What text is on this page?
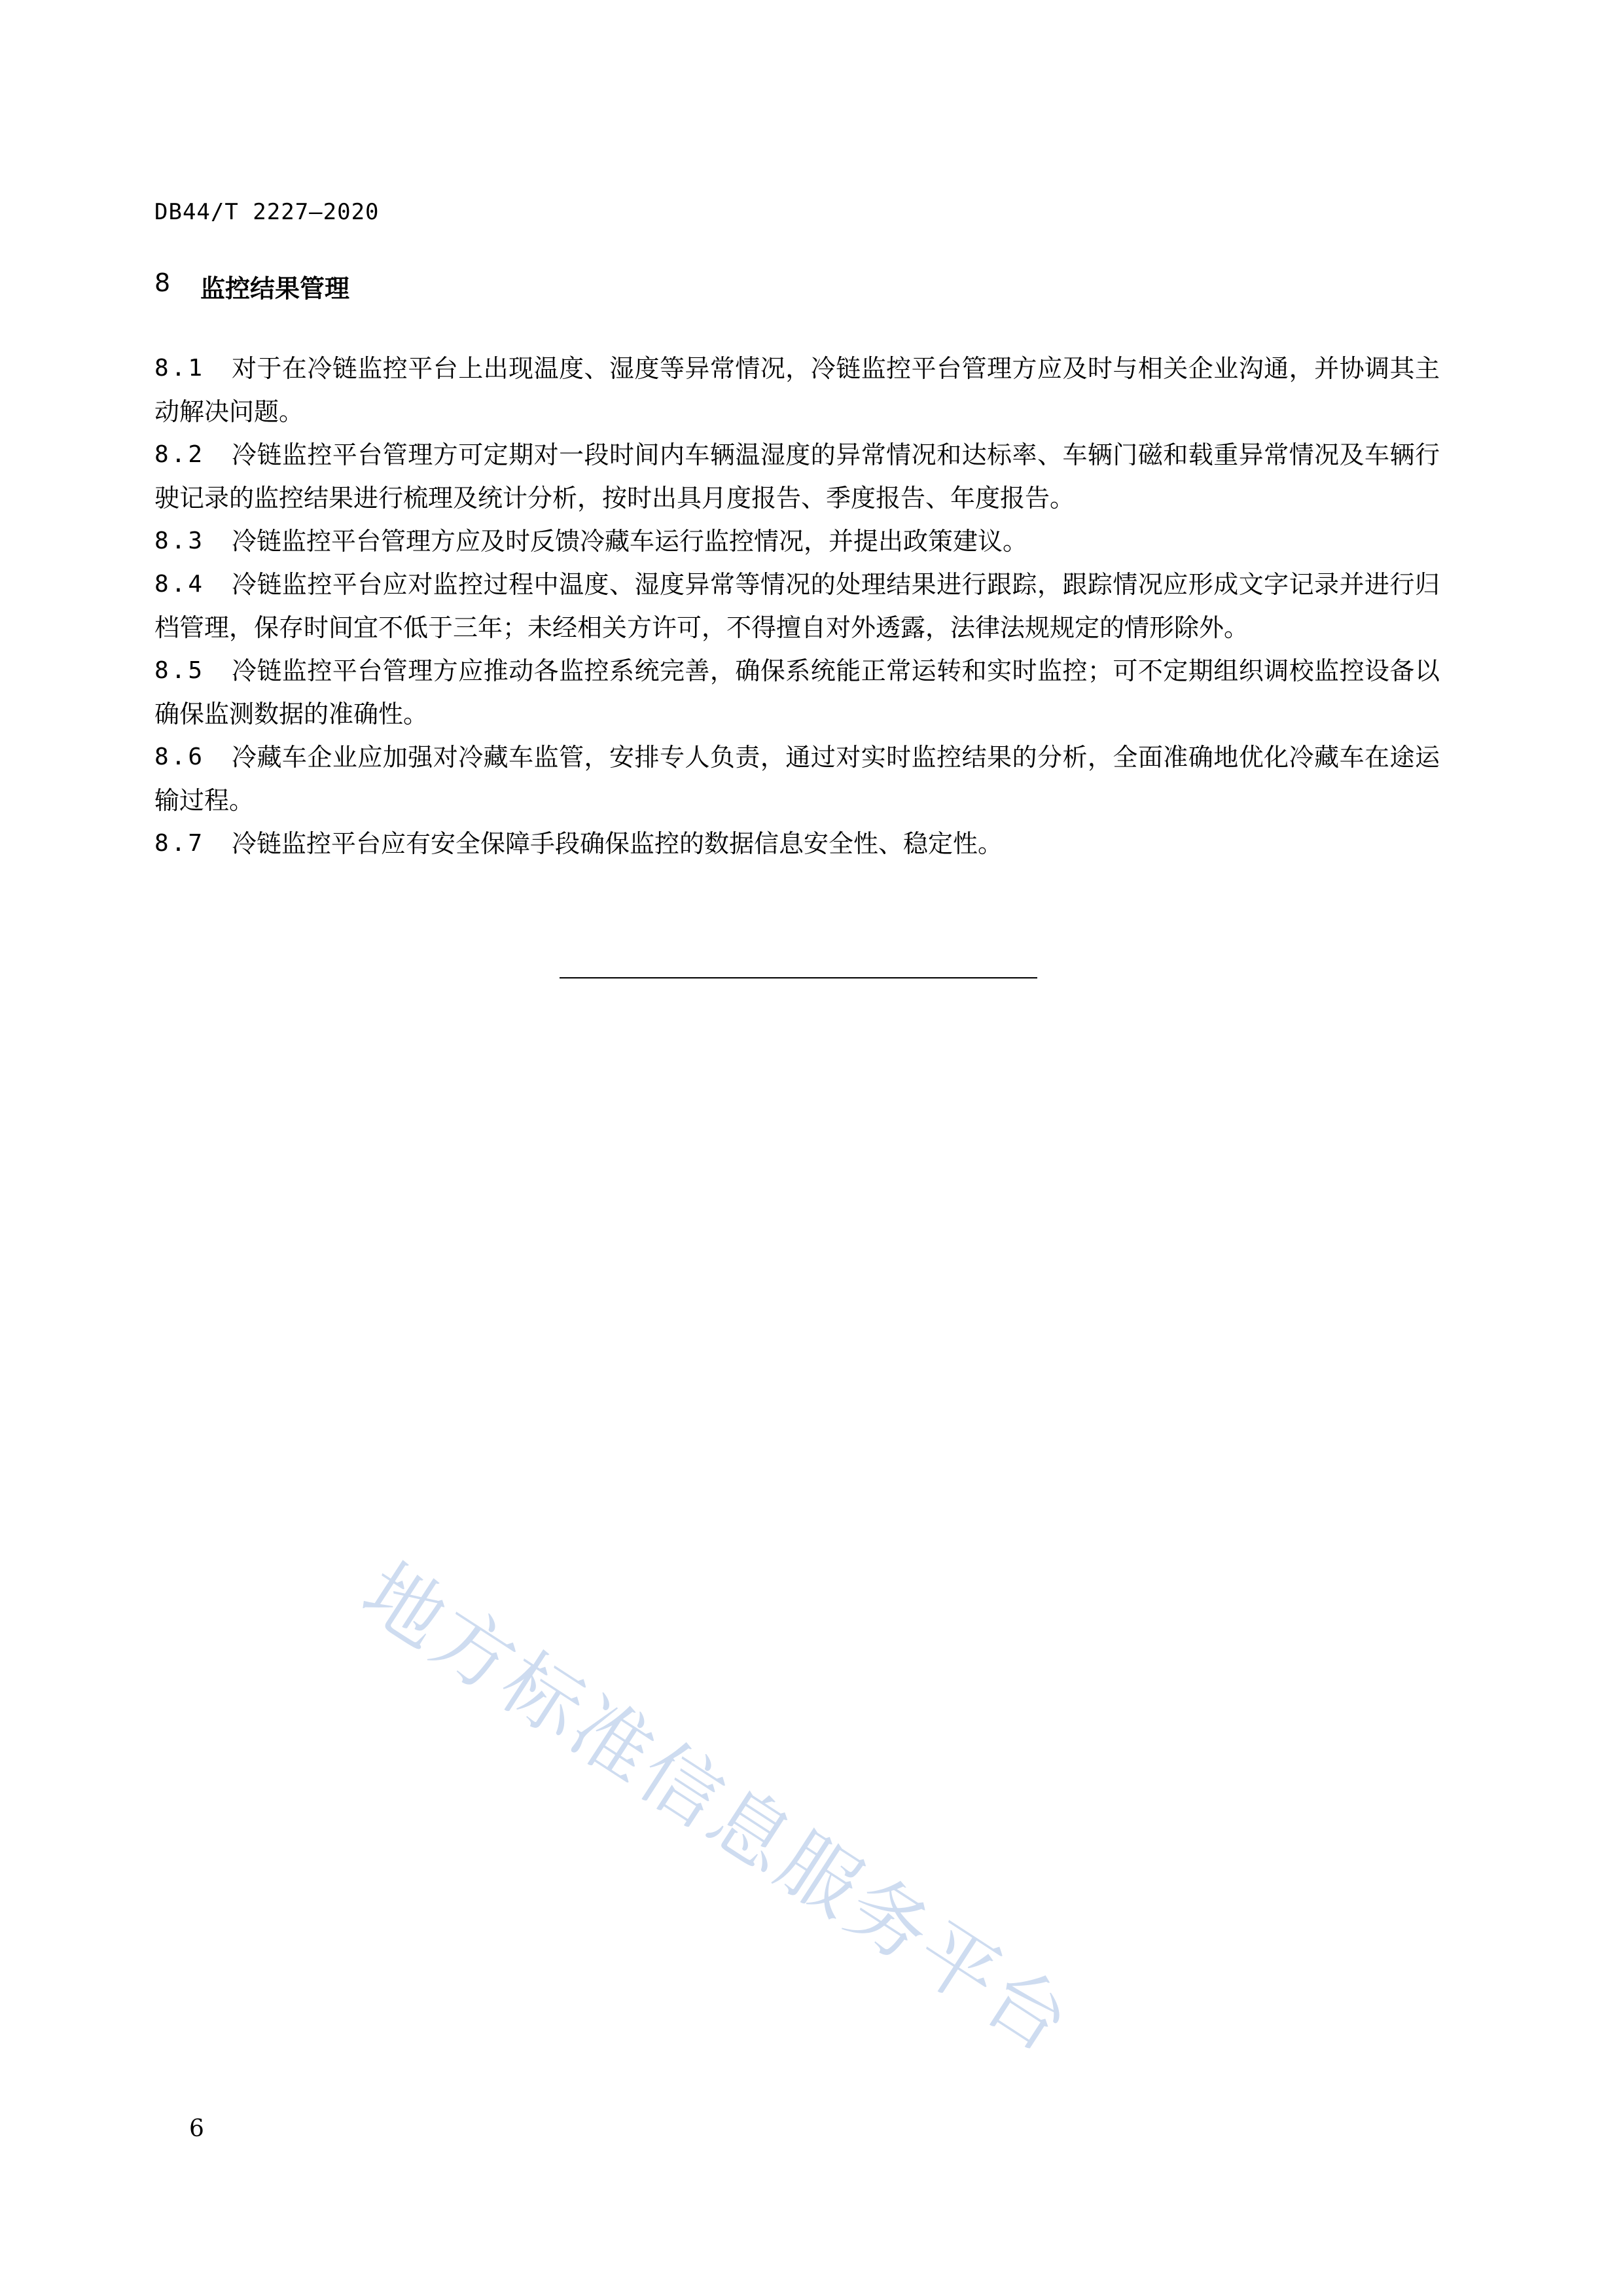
DB44/T 2227—2020
8	监控结果管理
8.1 对于在冷链监控平台上出现温度、湿度等异常情况，冷链监控平台管理方应及时与相关企业沟通，并协调其主动解决问题。
8.2 冷链监控平台管理方可定期对一段时间内车辆温湿度的异常情况和达标率、车辆门磁和载重异常情况及车辆行驶记录的监控结果进行梳理及统计分析，按时出具月度报告、季度报告、年度报告。
8.3 冷链监控平台管理方应及时反馈冷藏车运行监控情况，并提出政策建议。
8.4 冷链监控平台应对监控过程中温度、湿度异常等情况的处理结果进行跟踪，跟踪情况应形成文字记录并进行归档管理，保存时间宜不低于三年；未经相关方许可，不得擅自对外透露，法律法规规定的情形除外。
8.5 冷链监控平台管理方应推动各监控系统完善，确保系统能正常运转和实时监控；可不定期组织调校监控设备以确保监测数据的准确性。
8.6 冷藏车企业应加强对冷藏车监管，安排专人负责，通过对实时监控结果的分析，全面准确地优化冷藏车在途运输过程。
8.7 冷链监控平台应有安全保障手段确保监控的数据信息安全性、稳定性。
地方标准信息服务平台
6
